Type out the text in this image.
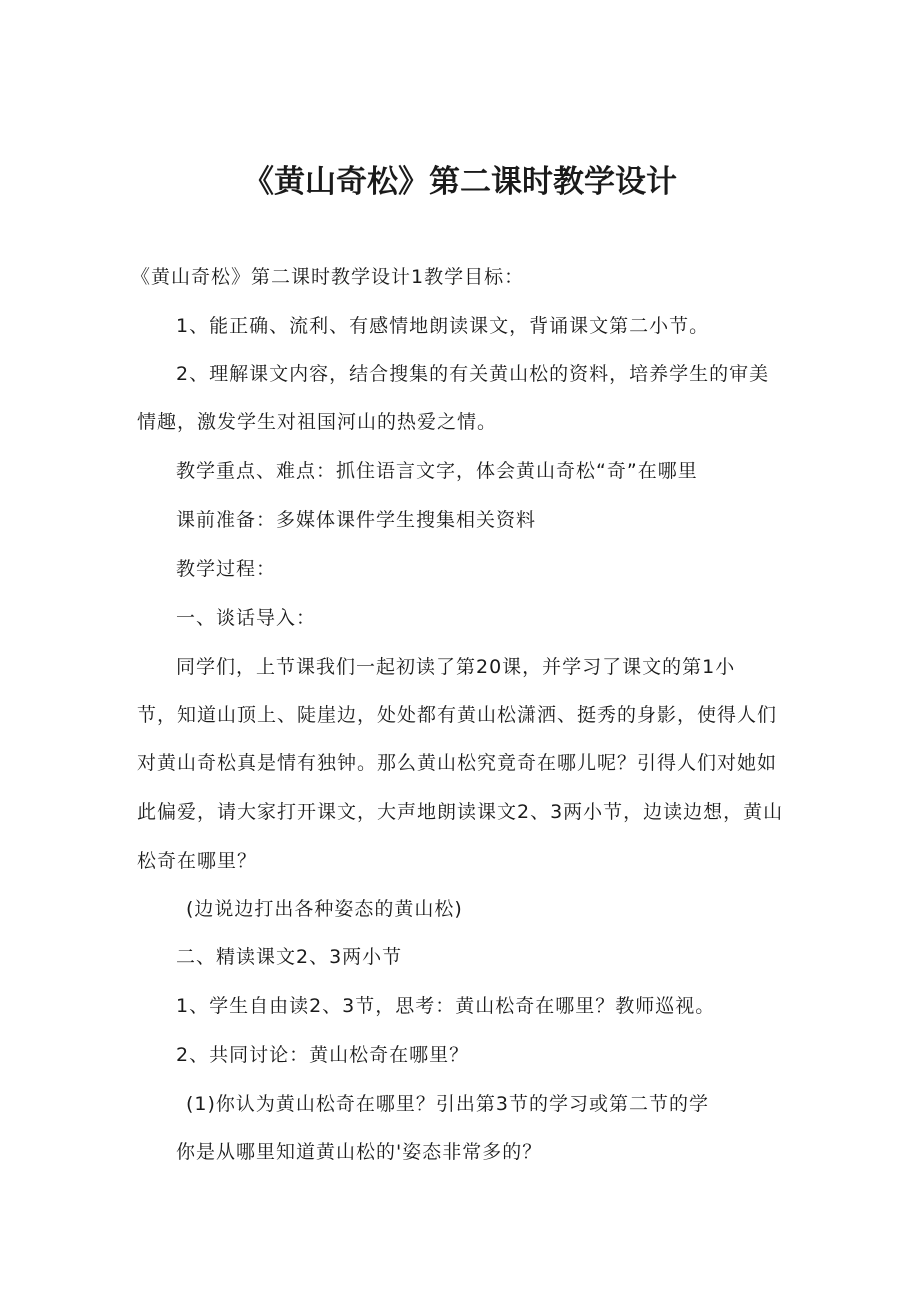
《黄山奇松》第二课时教学设计
《黄山奇松》第二课时教学设计1教学目标：
1、能正确、流利、有感情地朗读课文，背诵课文第二小节。
2、理解课文内容，结合搜集的有关黄山松的资料，培养学生的审美
情趣，激发学生对祖国河山的热爱之情。
教学重点、难点：抓住语言文字，体会黄山奇松“奇”在哪里
课前准备：多媒体课件学生搜集相关资料
教学过程：
一、谈话导入：
同学们，上节课我们一起初读了第20课，并学习了课文的第1小
节，知道山顶上、陡崖边，处处都有黄山松潇洒、挺秀的身影，使得人们
对黄山奇松真是情有独钟。那么黄山松究竟奇在哪儿呢？引得人们对她如
此偏爱，请大家打开课文，大声地朗读课文2、3两小节，边读边想，黄山
松奇在哪里？
(边说边打出各种姿态的黄山松)
二、精读课文2、3两小节
1、学生自由读2、3节，思考：黄山松奇在哪里？教师巡视。
2、共同讨论：黄山松奇在哪里？
(1)你认为黄山松奇在哪里？引出第3节的学习或第二节的学
你是从哪里知道黄山松的'姿态非常多的？
